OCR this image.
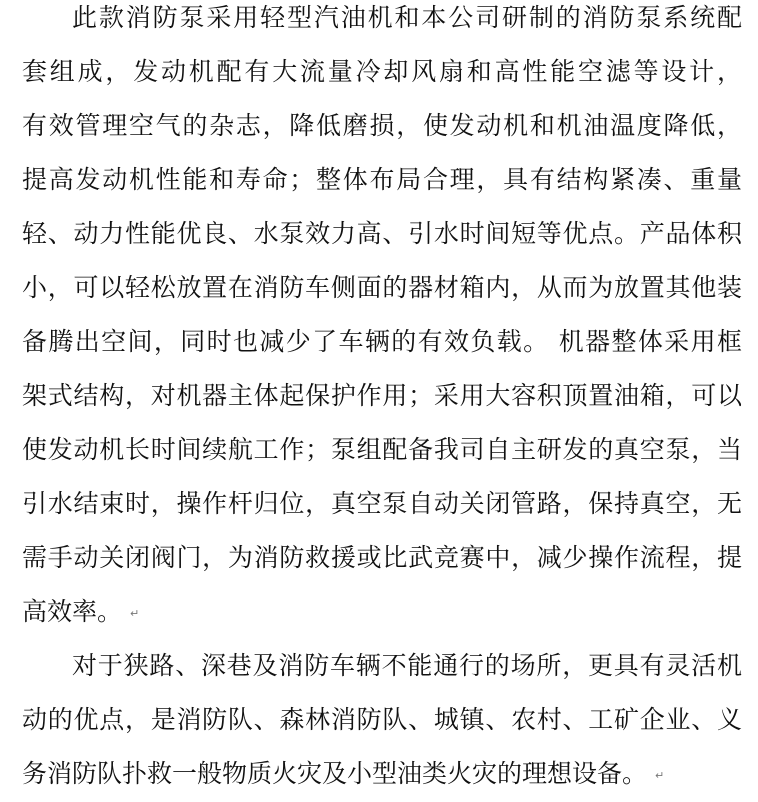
此款消防泵采用轻型汽油机和本公司研制的消防泵系统配
套组成，发动机配有大流量冷却风扇和高性能空滤等设计，
有效管理空气的杂志，降低磨损，使发动机和机油温度降低，
提高发动机性能和寿命；整体布局合理，具有结构紧凑、重量
轻、动力性能优良、水泵效力高、引水时间短等优点。产品体积
小，可以轻松放置在消防车侧面的器材箱内，从而为放置其他装
备腾出空间，同时也减少了车辆的有效负载。 机器整体采用框
架式结构，对机器主体起保护作用；采用大容积顶置油箱，可以
使发动机长时间续航工作；泵组配备我司自主研发的真空泵，当
引水结束时，操作杆归位，真空泵自动关闭管路，保持真空，无
需手动关闭阀门，为消防救援或比武竞赛中，减少操作流程，提
高效率。 ↵
对于狭路、深巷及消防车辆不能通行的场所，更具有灵活机
动的优点，是消防队、森林消防队、城镇、农村、工矿企业、义
务消防队扑救一般物质火灾及小型油类火灾的理想设备。 ↵
